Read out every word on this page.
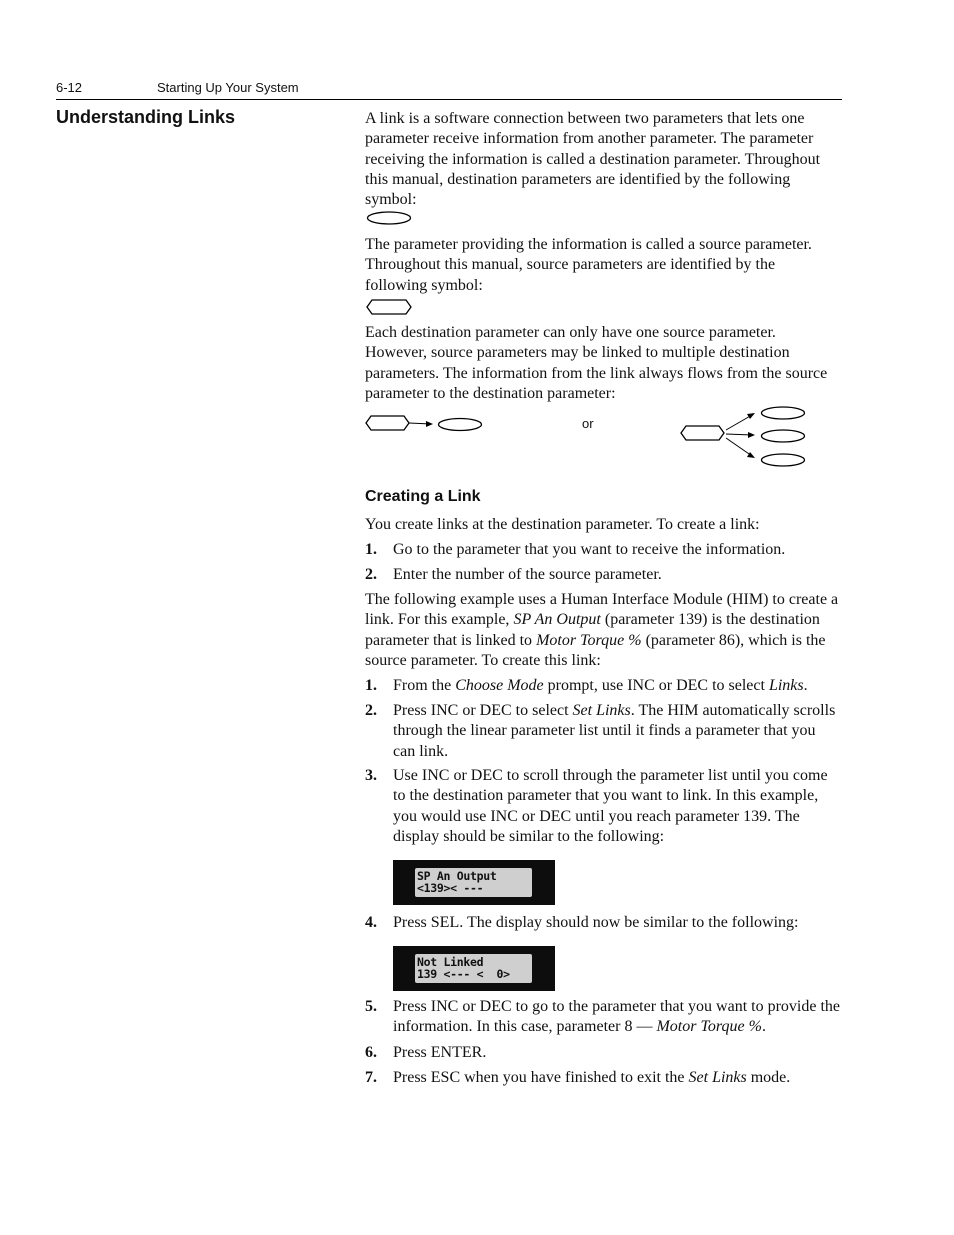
6-12	Starting Up Your System
Understanding Links	A link is a software connection between two parameters that lets one parameter receive information from another parameter. The parameter receiving the information is called a destination parameter. Throughout this manual, destination parameters are identified by the following symbol:

The parameter providing the information is called a source parameter. Throughout this manual, source parameters are identified by the following symbol:

Each destination parameter can only have one source parameter. However, source parameters may be linked to multiple destination parameters. The information from the link always flows from the source parameter to the destination parameter:

or
Creating a Link

You create links at the destination parameter. To create a link:

1. Go to the parameter that you want to receive the information.
2. Enter the number of the source parameter.

The following example uses a Human Interface Module (HIM) to create a link. For this example, SP An Output (parameter 139) is the destination parameter that is linked to Motor Torque % (parameter 86), which is the source parameter. To create this link:

1. From the Choose Mode prompt, use INC or DEC to select Links.
2. Press INC or DEC to select Set Links. The HIM automatically scrolls through the linear parameter list until it finds a parameter that you can link.
3. Use INC or DEC to scroll through the parameter list until you come to the destination parameter that you want to link. In this example, you would use INC or DEC until you reach parameter 139. The display should be similar to the following:
SP An Output
<139>< ---
4. Press SEL. The display should now be similar to the following:
Not Linked
139 <--- <  0>
5. Press INC or DEC to go to the parameter that you want to provide the information. In this case, parameter 8 — Motor Torque %.
6. Press ENTER.
7. Press ESC when you have finished to exit the Set Links mode.
